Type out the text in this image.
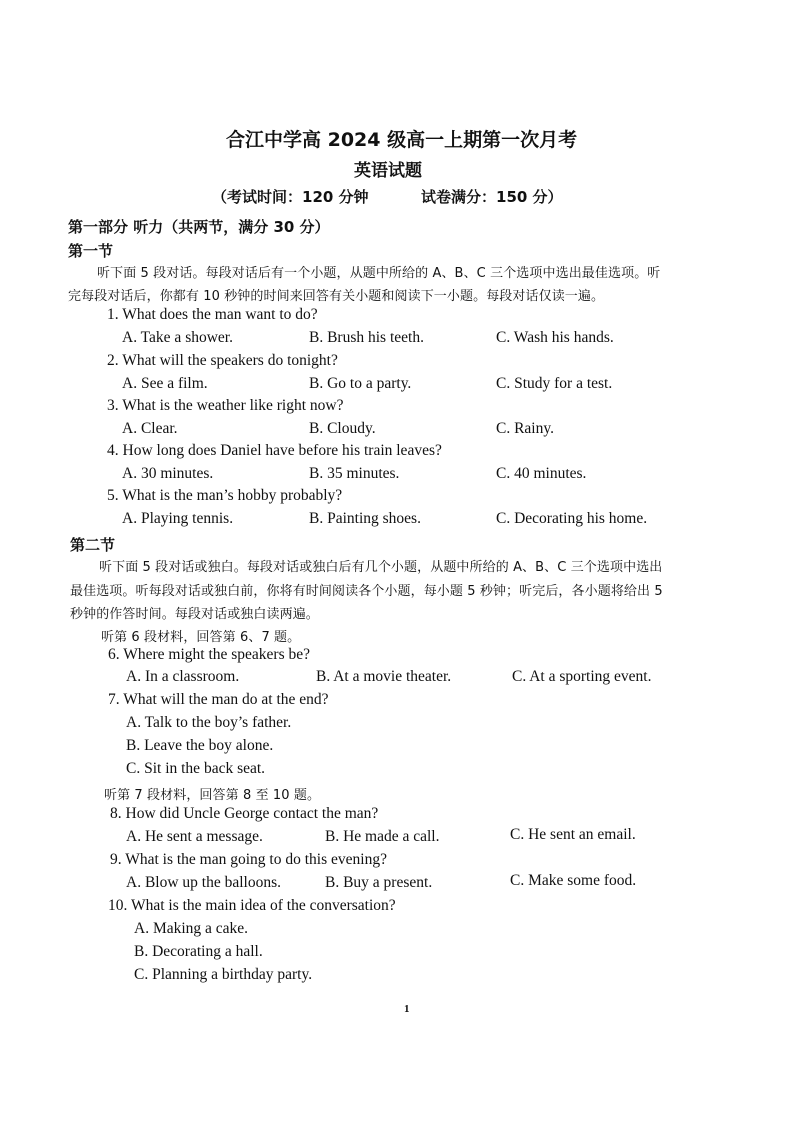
合江中学高 2024 级高一上期第一次月考
英语试题
（考试时间：120 分钟	试卷满分：150 分）
第一部分 听力（共两节，满分 30 分）
第一节
听下面 5 段对话。每段对话后有一个小题，从题中所给的 A、B、C 三个选项中选出最佳选项。听
完每段对话后，你都有 10 秒钟的时间来回答有关小题和阅读下一小题。每段对话仅读一遍。
1. What does the man want to do?
A. Take a shower.	B. Brush his teeth.	C. Wash his hands.
2. What will the speakers do tonight?
A. See a film.	B. Go to a party.	C. Study for a test.
3. What is the weather like right now?
A. Clear.	B. Cloudy.	C. Rainy.
4. How long does Daniel have before his train leaves?
A. 30 minutes.	B. 35 minutes.	C. 40 minutes.
5. What is the man’s hobby probably?
A. Playing tennis.	B. Painting shoes.	C. Decorating his home.
第二节
听下面 5 段对话或独白。每段对话或独白后有几个小题，从题中所给的 A、B、C 三个选项中选出
最佳选项。听每段对话或独白前，你将有时间阅读各个小题，每小题 5 秒钟；听完后，各小题将给出 5
秒钟的作答时间。每段对话或独白读两遍。
听第 6 段材料，回答第 6、7 题。
6. Where might the speakers be?
A. In a classroom.	B. At a movie theater.	C. At a sporting event.
7. What will the man do at the end?
A. Talk to the boy’s father.
B. Leave the boy alone.
C. Sit in the back seat.
听第 7 段材料，回答第 8 至 10 题。
8. How did Uncle George contact the man?
A. He sent a message.	B. He made a call.	C. He sent an email.
9. What is the man going to do this evening?
A. Blow up the balloons.	B. Buy a present.	C. Make some food.
10. What is the main idea of the conversation?
A. Making a cake.
B. Decorating a hall.
C. Planning a birthday party.
1
